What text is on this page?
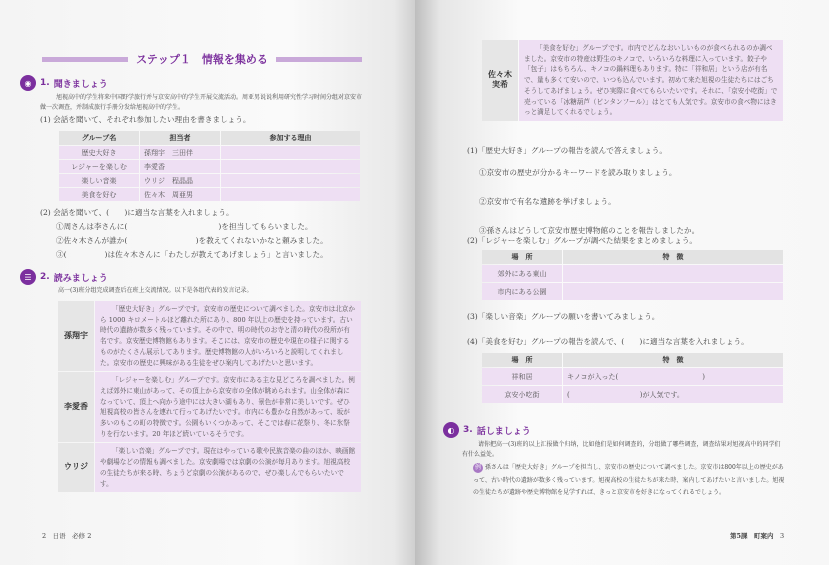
ステップ１　情報を集める
◉ 1. 聞きましょう
旭视高中的学生将来中国野学旅行并与京安高中的学生开展交流活动。周亚男说说利用研究性学习时间分组对京安市做一次调查，并制成旅行手册分发给旭视高中的学生。
(1) 会話を聞いて、それぞれ参加したい理由を書きましょう。
グループ名	担当者	参加する理由
歴史大好き	孫翔宇　三田伴	
レジャーを楽しむ	李愛香	
楽しい音楽	ウリジ　程晶晶	
美食を好む	佐々木　周亜男	
(2) 会話を聞いて、(　　)に適当な言葉を入れましょう。
①周さんは李さんに(　　　　　　　　　　　　)を担当してもらいました。
②佐々木さんが誰か(　　　　　　　　　)を教えてくれないかなと頼みました。
③(　　　　　)は佐々木さんに「わたしが教えてあげましょう」と言いました。
☰ 2. 読みましょう
高一(3)班分组完成调查后在班上交流情况。以下是各组代表的发言记录。
孫翔宇	「歴史大好き」グループです。京安市の歴史について調べました。京安市は北京から 1000 キロメートルほど離れた所にあり、800 年以上の歴史を持っています。古い時代の遺跡が数多く残っています。その中で、明の時代のお寺と清の時代の役所が有名です。京安歴史博物館もあります。そこには、京安市の歴史や現在の様子に関するものがたくさん展示してあります。歴史博物館の人がいろいろと説明してくれました。京安市の歴史に興味がある生徒をぜひ案内してあげたいと思います。
李愛香	「レジャーを楽しむ」グループです。京安市にある主な見どころを調べました。例えば郊外に東山があって、その頂上から京安市の全体が眺められます。山全体が森になっていて、頂上へ向かう途中には大きい湖もあり、景色が非常に美しいです。ぜひ旭視高校の皆さんを連れて行ってあげたいです。市内にも豊かな自然があって、坂が多いのもこの町の特徴です。公園もいくつかあって、そこでは春に花祭り、冬に氷祭りを行ないます。20 年ほど続いているそうです。
ウリジ	「楽しい音楽」グループです。現在はやっている歌や民族音楽の曲のほか、映画館や劇場などの情報も調べました。京安劇場では京劇の公演が毎月あります。旭視高校の生徒たちが来る時、ちょうど京劇の公演があるので、ぜひ楽しんでもらいたいです。
2　 日语　必修 2
佐々木 実希	「美食を好む」グループです。市内でどんなおいしいものが食べられるのか調べました。京安市の特産は野生のキノコで、いろいろな料理に入っています。餃子や「包子」はもちろん、キノコの鍋料理もあります。特に「祥和居」という店が有名で、量も多くて安いので、いつも込んでいます。初めて来た旭視の生徒たちにはごちそうしてあげましょう。ぜひ実際に食べてもらいたいです。それに、「京安小吃街」で売っている「冰糖葫芦（ビンタンフール）」はとても人気です。京安市の食べ物にはきっと満足してくれるでしょう。
(1)「歴史大好き」グループの報告を読んで答えましょう。
①京安市の歴史が分かるキーワードを読み取りましょう。
②京安市で有名な遺跡を挙げましょう。
③孫さんはどうして京安市歴史博物館のことを報告しましたか。
(2)「レジャーを楽しむ」グループが調べた結果をまとめましょう。
場　所	特　徴
郊外にある東山	
市内にある公園	
(3)「楽しい音楽」グループの願いを書いてみましょう。
(4)「美食を好む」グループの報告を読んで、(　　)に適当な言葉を入れましょう。
場　所	特　徴
祥和居	キノコが入った(　　　　　　　　　　　　)
京安小吃街	(　　　　　　　　　　)が人気です。
◐ 3. 話しましょう
请你把高一(3)班的以上汇报做个归纳，比如他们是如何调查的，分组做了哪些调查，调查结果对旭视高中的同学们有什么益处。
例 孫さんは「歴史大好き」グループを担当し、京安市の歴史について調べました。京安市は800年以上の歴史があって、古い時代の遺跡が数多く残っています。旭視高校の生徒たちが来た時、案内してあげたいと言いました。旭視の生徒たちが遺跡や歴史博物館を見学すれば、きっと京安市を好きになってくれるでしょう。
第5課　町案内　 3
